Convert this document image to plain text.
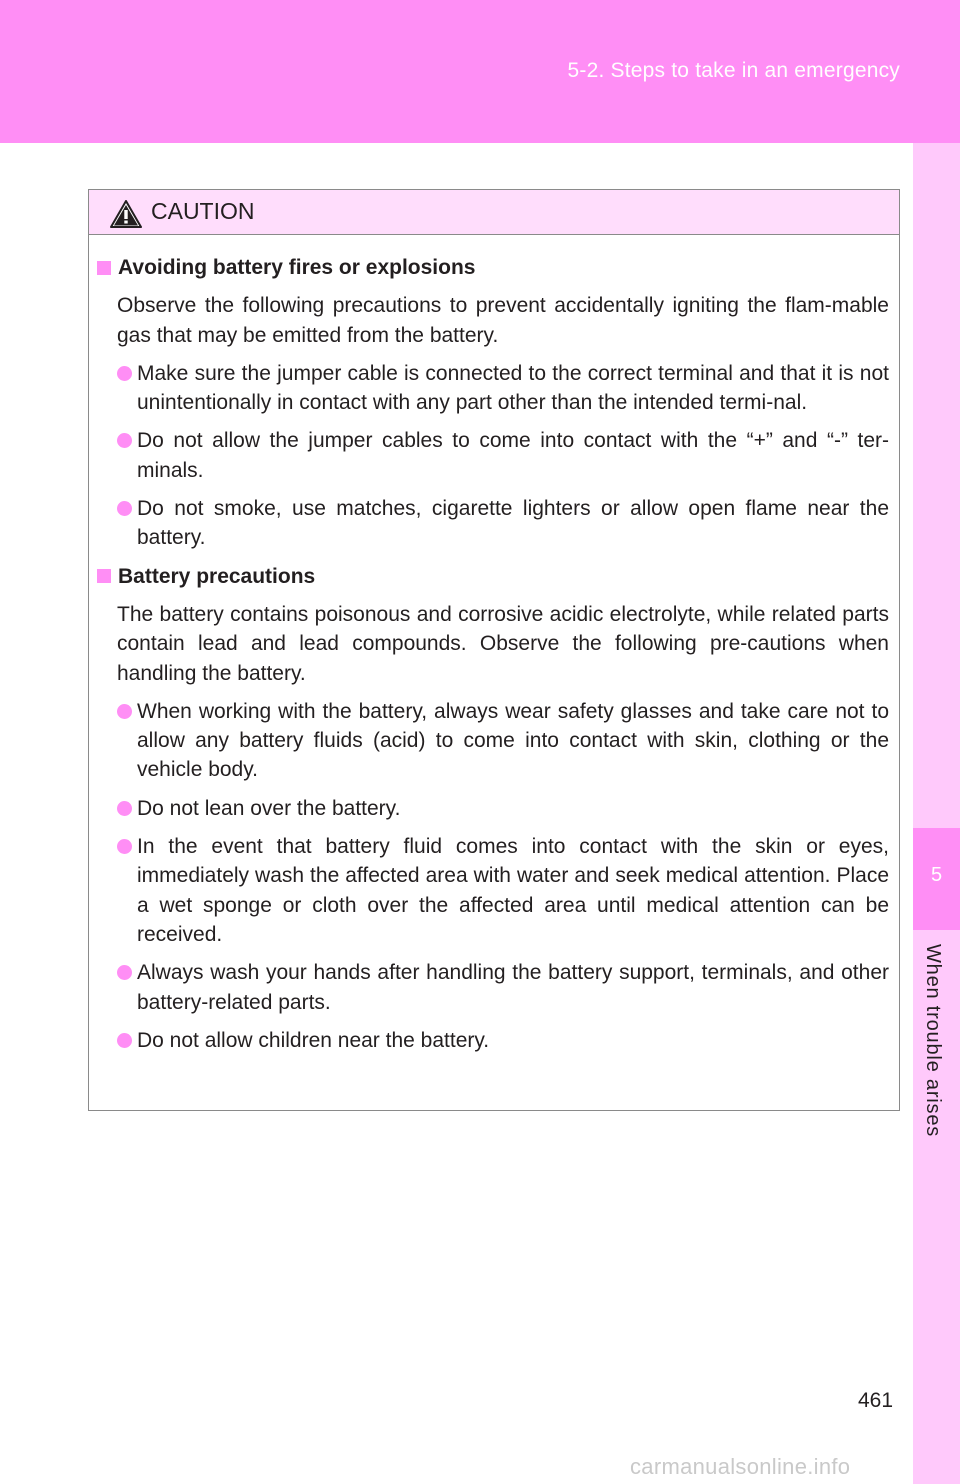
5-2. Steps to take in an emergency
5
When trouble arises
CAUTION
Avoiding battery fires or explosions

Observe the following precautions to prevent accidentally igniting the flam-mable gas that may be emitted from the battery.

Make sure the jumper cable is connected to the correct terminal and that it is not unintentionally in contact with any part other than the intended termi-nal.
Do not allow the jumper cables to come into contact with the “+” and “-” ter-minals.
Do not smoke, use matches, cigarette lighters or allow open flame near the battery.
Battery precautions

The battery contains poisonous and corrosive acidic electrolyte, while related parts contain lead and lead compounds. Observe the following pre-cautions when handling the battery.

When working with the battery, always wear safety glasses and take care not to allow any battery fluids (acid) to come into contact with skin, clothing or the vehicle body.
Do not lean over the battery.
In the event that battery fluid comes into contact with the skin or eyes, immediately wash the affected area with water and seek medical attention. Place a wet sponge or cloth over the affected area until medical attention can be received.
Always wash your hands after handling the battery support, terminals, and other battery-related parts.
Do not allow children near the battery.
461
carmanualsonline.info
